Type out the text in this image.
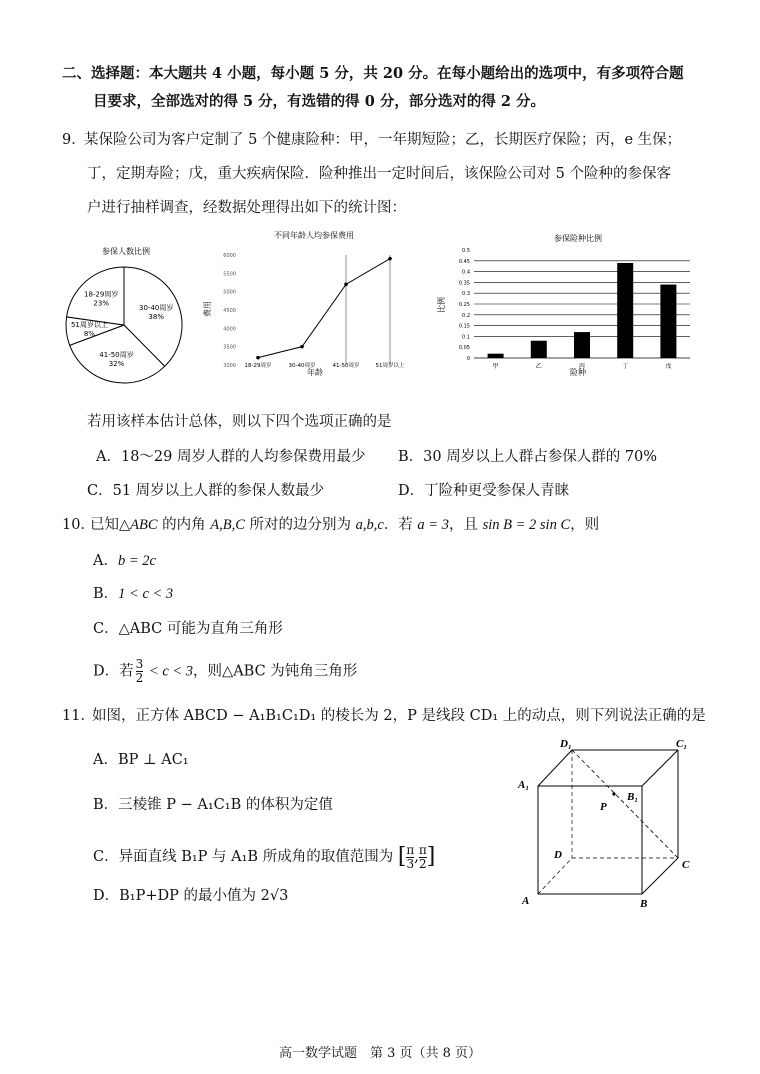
二、选择题：本大题共 4 小题，每小题 5 分，共 20 分。在每小题给出的选项中，有多项符合题
目要求，全部选对的得 5 分，有选错的得 0 分，部分选对的得 2 分。
9．
某保险公司为客户定制了 5 个健康险种：甲，一年期短险；乙，长期医疗保险；丙，e 生保；
丁，定期寿险；戊，重大疾病保险．险种推出一定时间后，该保险公司对 5 个险种的参保客
户进行抽样调查，经数据处理得出如下的统计图：
参保人数比例
30-40周岁
38%
41-50周岁
32%
51周岁以上
8%
18-29周岁
23%
不同年龄人均参保费用
费用
年龄
6000
5500
5000
4500
4000
3500
3000 18-29周岁	30-40周岁	41-50周岁	51周岁以上
参保险种比例
比例
险种
0.5
0.45
0.4
0.35
0.3
0.25
0.2
0.15
0.1
0.05
0
甲	乙	丙	丁	戊
若用该样本估计总体，则以下四个选项正确的是
A．18～29 周岁人群的人均参保费用最少 B．30 周岁以上人群占参保人群的 70%
C．51 周岁以上人群的参保人数最少	D．丁险种更受参保人青睐
10．
已知△ABC 的内角 A,B,C 所对的边分别为 a,b,c．若 a = 3，且 sin B = 2 sin C，则
A．b = 2c
B．1 < c < 3
C．△ABC 可能为直角三角形
D．若 $\frac{3}{2} < c < 3$，则△ABC 为钝角三角形
11．
如图，正方体 ABCD − A₁B₁C₁D₁ 的棱长为 2，P 是线段 CD₁ 上的动点，则下列说法正确的是
A．BP ⊥ AC₁
B．三棱锥 P − A₁C₁B 的体积为定值
C．异面直线 B₁P 与 A₁B 所成角的取值范围为 [ $\frac{\pi}{3}$ , $\frac{\pi}{2}$ ]
D．B₁P+DP 的最小值为 2√3
D₁	C₁
A₁
B₁
P
D
C
A	B
高一数学试题　第 3 页（共 8 页）
